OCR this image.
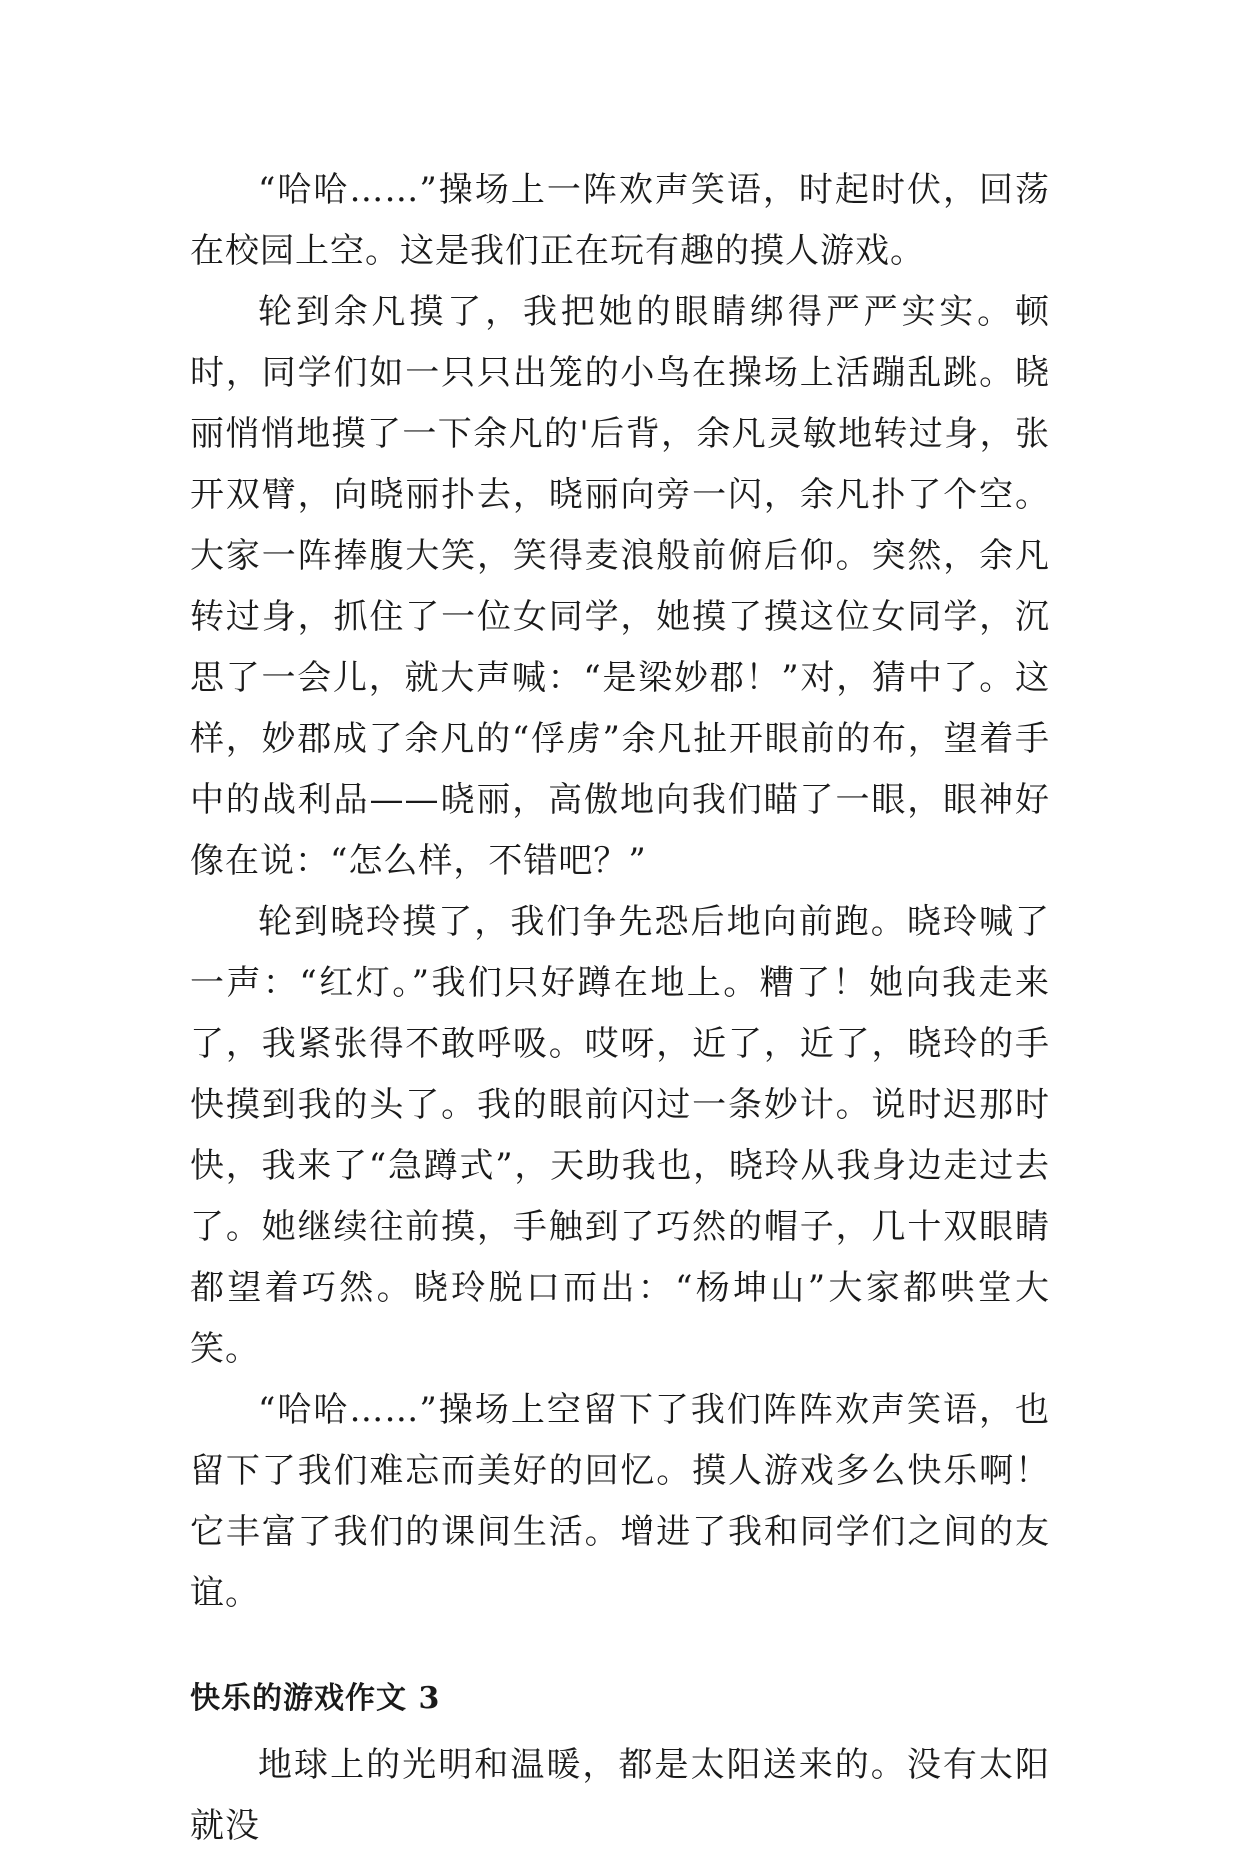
“哈哈……”操场上一阵欢声笑语，时起时伏，回荡在校园上空。这是我们正在玩有趣的摸人游戏。

轮到余凡摸了，我把她的眼睛绑得严严实实。顿时，同学们如一只只出笼的小鸟在操场上活蹦乱跳。晓丽悄悄地摸了一下余凡的'后背，余凡灵敏地转过身，张开双臂，向晓丽扑去，晓丽向旁一闪，余凡扑了个空。大家一阵捧腹大笑，笑得麦浪般前俯后仰。突然，余凡转过身，抓住了一位女同学，她摸了摸这位女同学，沉思了一会儿，就大声喊：“是梁妙郡！”对，猜中了。这样，妙郡成了余凡的“俘虏”余凡扯开眼前的布，望着手中的战利品——晓丽，高傲地向我们瞄了一眼，眼神好像在说：“怎么样，不错吧？”

轮到晓玲摸了，我们争先恐后地向前跑。晓玲喊了一声：“红灯。”我们只好蹲在地上。糟了！她向我走来了，我紧张得不敢呼吸。哎呀，近了，近了，晓玲的手快摸到我的头了。我的眼前闪过一条妙计。说时迟那时快，我来了“急蹲式”，天助我也，晓玲从我身边走过去了。她继续往前摸，手触到了巧然的帽子，几十双眼睛都望着巧然。晓玲脱口而出：“杨坤山”大家都哄堂大笑。

“哈哈……”操场上空留下了我们阵阵欢声笑语，也留下了我们难忘而美好的回忆。摸人游戏多么快乐啊！它丰富了我们的课间生活。增进了我和同学们之间的友谊。

快乐的游戏作文 3

地球上的光明和温暖，都是太阳送来的。没有太阳就没
